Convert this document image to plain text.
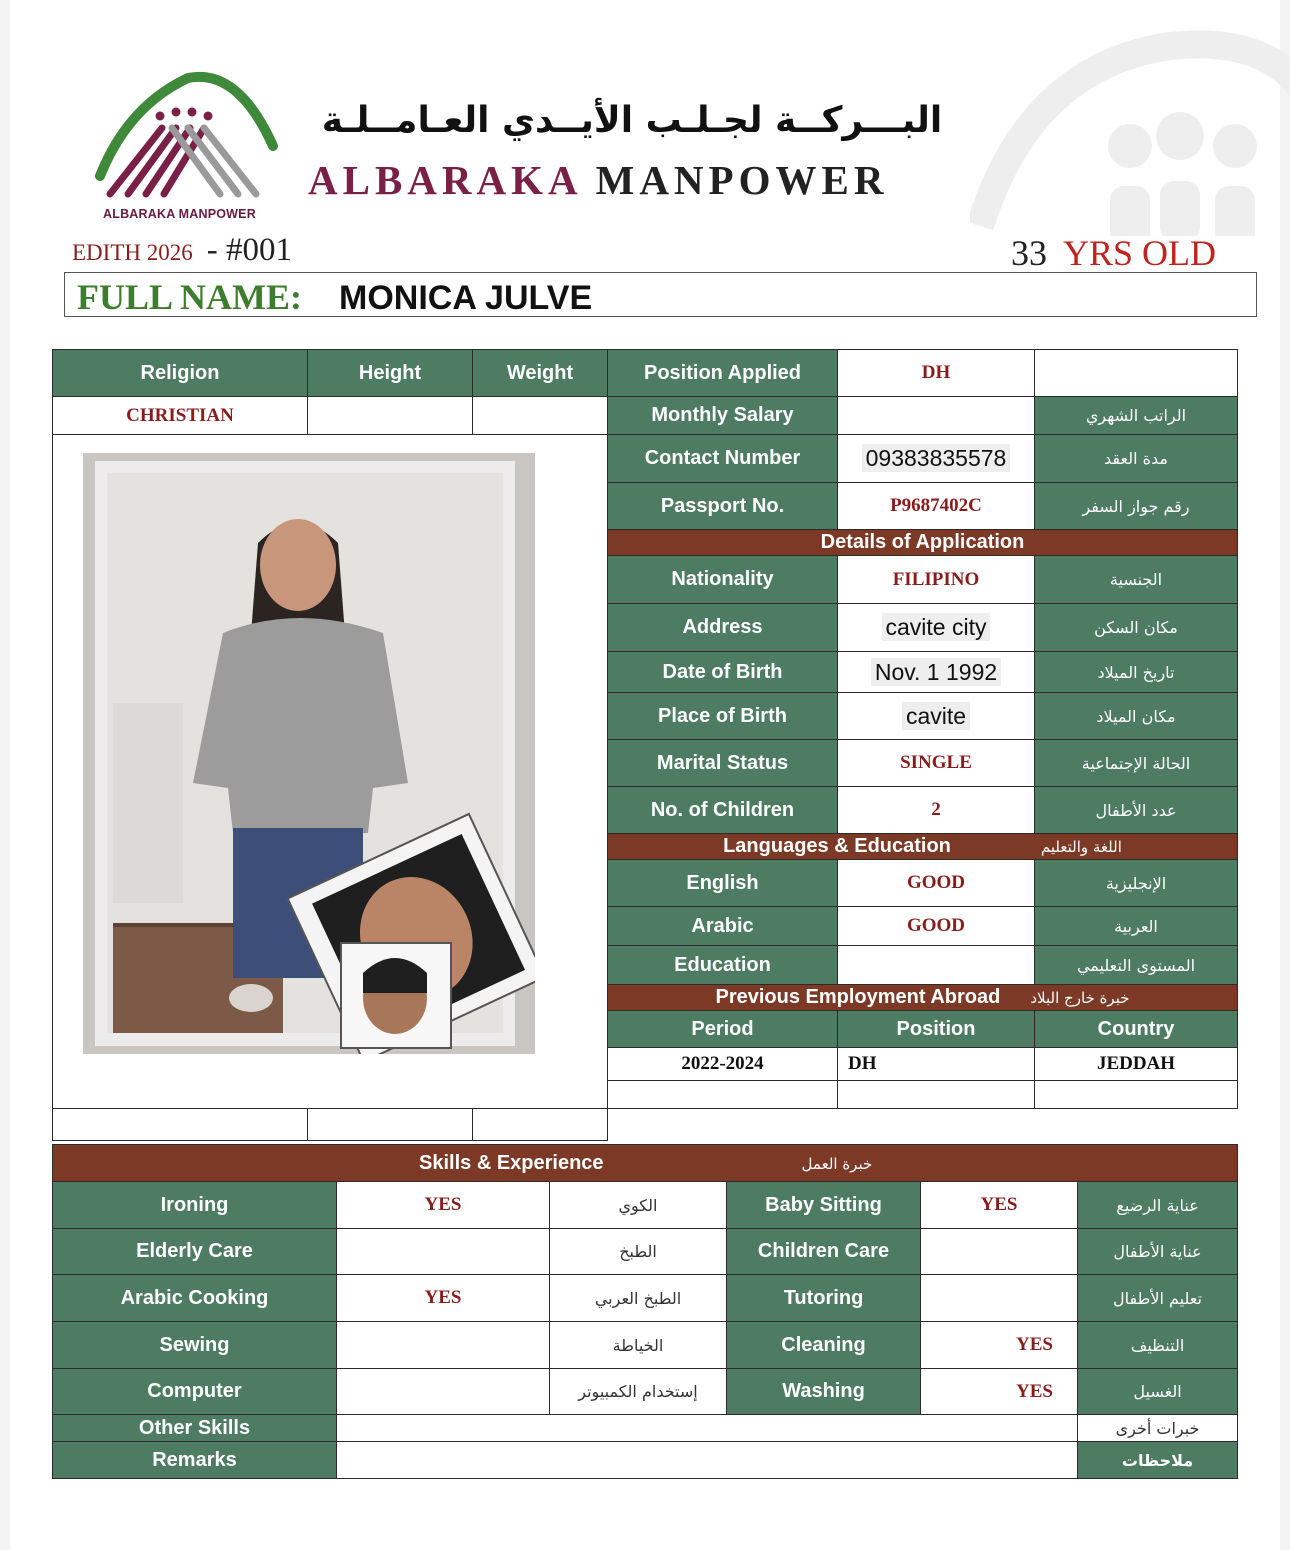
ALBARAKA MANPOWER
البـــركــة لجـلـب الأيــدي العـامــلـة
ALBARAKA MANPOWER
EDITH 2026 - #001	33 YRS OLD
FULL NAME: MONICA JULVE
Religion	Height	Weight	Position Applied	DH	
CHRISTIAN			Monthly Salary		الراتب الشهري

	Contact Number	09383835578	مدة العقد
			Passport No.	P9687402C	رقم جواز السفر
			Details of Application		
			Nationality	FILIPINO	الجنسية
			Address	cavite city	مكان السكن
			Date of Birth	Nov. 1 1992	تاريخ الميلاد
			Place of Birth	cavite	مكان الميلاد
			Marital Status	SINGLE	الحالة الإجتماعية
			No. of Children	2	عدد الأطفال
			Languages & Education اللغة والتعليم		
			English	GOOD	الإنجليزية
			Arabic	GOOD	العربية
			Education		المستوى التعليمي
			Previous Employment Abroad خبرة خارج البلاد		
			Period	Position	Country
			2022-2024	DH	JEDDAH

Skills & Experience خبرة العمل					
Ironing	YES	الكوي	Baby Sitting	YES	عناية الرضيع
Elderly Care		الطبخ	Children Care		عناية الأطفال
Arabic Cooking	YES	الطبخ العربي	Tutoring		تعليم الأطفال
Sewing		الخياطة	Cleaning	YES	التنظيف
Computer		إستخدام الكمبيوتر	Washing	YES	الغسيل
Other Skills					خبرات أخرى
Remarks					ملاحظات
